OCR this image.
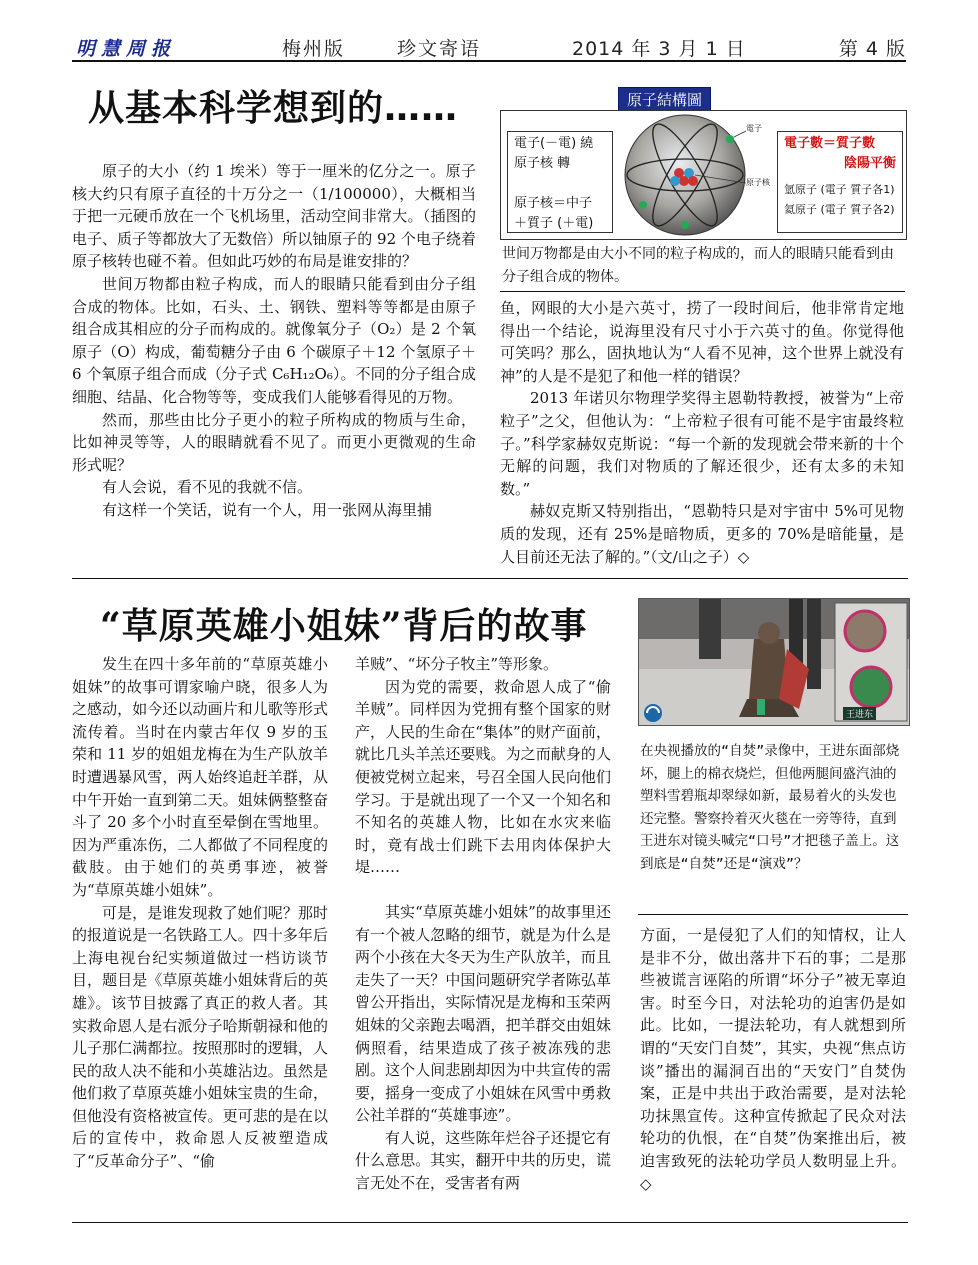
明慧周报	梅州版	珍文寄语	2014 年 3 月 1 日	第 4 版
从基本科学想到的……	原子結構圖
電子(－電) 繞
原子核 轉

原子核＝中子
＋質子 (＋電)
電子
原子核
電子數＝質子數
陰陽平衡
氫原子 (電子 質子各1)
氦原子 (電子 質子各2)
世间万物都是由大小不同的粒子构成的，而人的眼睛只能看到由分子组合成的物体。

原子的大小（约 1 埃米）等于一厘米的亿分之一。原子核大约只有原子直径的十万分之一（1/100000），大概相当于把一元硬币放在一个飞机场里，活动空间非常大。（插图的电子、质子等都放大了无数倍）所以铀原子的 92 个电子绕着原子核转也碰不着。但如此巧妙的布局是谁安排的？

世间万物都由粒子构成，而人的眼睛只能看到由分子组合成的物体。比如，石头、土、钢铁、塑料等等都是由原子组合成其相应的分子而构成的。就像氧分子（O₂）是 2 个氧原子（O）构成，葡萄糖分子由 6 个碳原子＋12 个氢原子＋6 个氧原子组合而成（分子式 C₆H₁₂O₆）。不同的分子组合成细胞、结晶、化合物等等，变成我们人能够看得见的万物。

然而，那些由比分子更小的粒子所构成的物质与生命，比如神灵等等，人的眼睛就看不见了。而更小更微观的生命形式呢？

有人会说，看不见的我就不信。

有这样一个笑话，说有一个人，用一张网从海里捕

鱼，网眼的大小是六英寸，捞了一段时间后，他非常肯定地得出一个结论，说海里没有尺寸小于六英寸的鱼。你觉得他可笑吗？那么，固执地认为“人看不见神，这个世界上就没有神”的人是不是犯了和他一样的错误？

2013 年诺贝尔物理学奖得主恩勒特教授，被誉为“上帝粒子”之父，但他认为：“上帝粒子很有可能不是宇宙最终粒子。”科学家赫奴克斯说：“每一个新的发现就会带来新的十个无解的问题，我们对物质的了解还很少，还有太多的未知数。”

赫奴克斯又特别指出，“恩勒特只是对宇宙中 5%可见物质的发现，还有 25%是暗物质，更多的 70%是暗能量，是人目前还无法了解的。”（文/山之子）◇

“草原英雄小姐妹”背后的故事
王进东
在央视播放的“自焚”录像中，王进东面部烧坏，腿上的棉衣烧烂，但他两腿间盛汽油的塑料雪碧瓶却翠绿如新，最易着火的头发也还完整。警察拎着灭火毯在一旁等待，直到王进东对镜头喊完“口号”才把毯子盖上。这到底是“自焚”还是“演戏”？

发生在四十多年前的“草原英雄小姐妹”的故事可谓家喻户晓，很多人为之感动，如今还以动画片和儿歌等形式流传着。当时在内蒙古年仅 9 岁的玉荣和 11 岁的姐姐龙梅在为生产队放羊时遭遇暴风雪，两人始终追赶羊群，从中午开始一直到第二天。姐妹俩整整奋斗了 20 多个小时直至晕倒在雪地里。因为严重冻伤，二人都做了不同程度的截肢。由于她们的英勇事迹，被誉为“草原英雄小姐妹”。

可是，是谁发现救了她们呢？那时的报道说是一名铁路工人。四十多年后上海电视台纪实频道做过一档访谈节目，题目是《草原英雄小姐妹背后的英雄》。该节目披露了真正的救人者。其实救命恩人是右派分子哈斯朝禄和他的儿子那仁满都拉。按照那时的逻辑，人民的敌人决不能和小英雄沾边。虽然是他们救了草原英雄小姐妹宝贵的生命，但他没有资格被宣传。更可悲的是在以后的宣传中，救命恩人反被塑造成了“反革命分子”、“偷

羊贼”、“坏分子牧主”等形象。

因为党的需要，救命恩人成了“偷羊贼”。同样因为党拥有整个国家的财产，人民的生命在“集体”的财产面前，就比几头羊羔还要贱。为之而献身的人便被党树立起来，号召全国人民向他们学习。于是就出现了一个又一个知名和不知名的英雄人物，比如在水灾来临时，竟有战士们跳下去用肉体保护大堤……

其实“草原英雄小姐妹”的故事里还有一个被人忽略的细节，就是为什么是两个小孩在大冬天为生产队放羊，而且走失了一天？中国问题研究学者陈弘革曾公开指出，实际情况是龙梅和玉荣两姐妹的父亲跑去喝酒，把羊群交由姐妹俩照看，结果造成了孩子被冻残的悲剧。这个人间悲剧却因为中共宣传的需要，摇身一变成了小姐妹在风雪中勇救公社羊群的“英雄事迹”。

有人说，这些陈年烂谷子还提它有什么意思。其实，翻开中共的历史，谎言无处不在，受害者有两

方面，一是侵犯了人们的知情权，让人是非不分，做出落井下石的事；二是那些被谎言诬陷的所谓“坏分子”被无辜迫害。时至今日，对法轮功的迫害仍是如此。比如，一提法轮功，有人就想到所谓的“天安门自焚”，其实，央视“焦点访谈”播出的漏洞百出的“天安门”自焚伪案，正是中共出于政治需要，是对法轮功抹黑宣传。这种宣传掀起了民众对法轮功的仇恨，在“自焚”伪案推出后，被迫害致死的法轮功学员人数明显上升。◇
